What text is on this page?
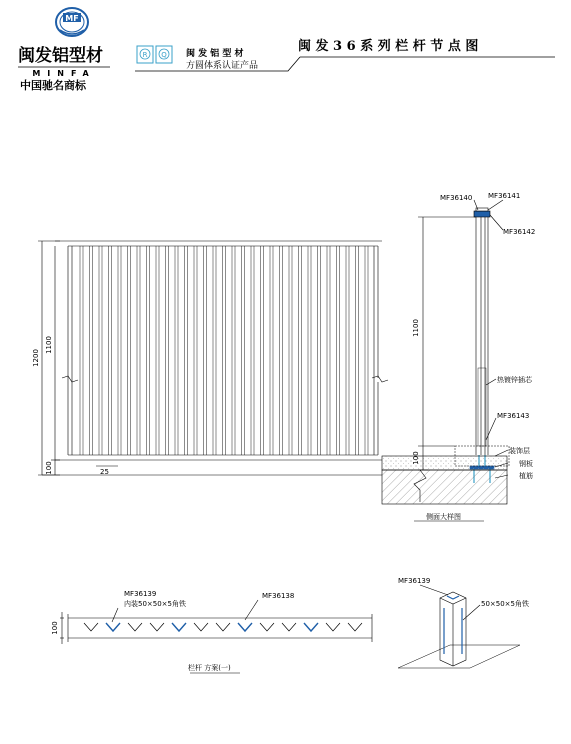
MF
闽发铝型材
MINFA
中国驰名商标
R Q 闽 发 铝 型 材
方圆体系认证产品
闽 发 3 6 系 列 栏 杆 节 点 图
1200
1100
100	25
MF36140 MF36141
MF36142
1100
100
热镀锌插芯
MF36143
装饰层
钢板
植筋
侧面大样图
MF36139
内装50×50×5角铁
MF36138
100
栏杆 方案(一)
MF36139
50×50×5角铁
